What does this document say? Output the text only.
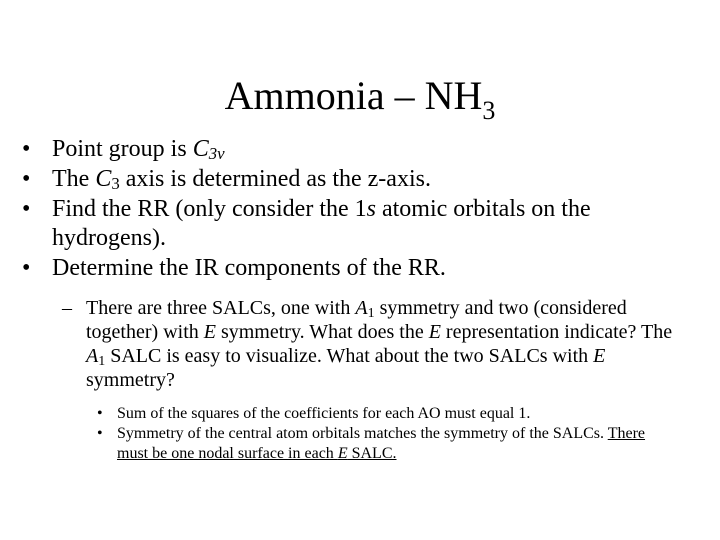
Ammonia – $NH_3$
• Point group is $C_{3v}$
• The $C_3$ axis is determined as the z-axis.
• Find the RR (only consider the 1s atomic orbitals on the hydrogens).
• Determine the IR components of the RR.
– There are three SALCs, one with $A_1$ symmetry and two (considered together) with E symmetry. What does the E representation indicate? The $A_1$ SALC is easy to visualize. What about the two SALCs with E symmetry?
• Sum of the squares of the coefficients for each AO must equal 1.
• Symmetry of the central atom orbitals matches the symmetry of the SALCs. There must be one nodal surface in each E SALC.
